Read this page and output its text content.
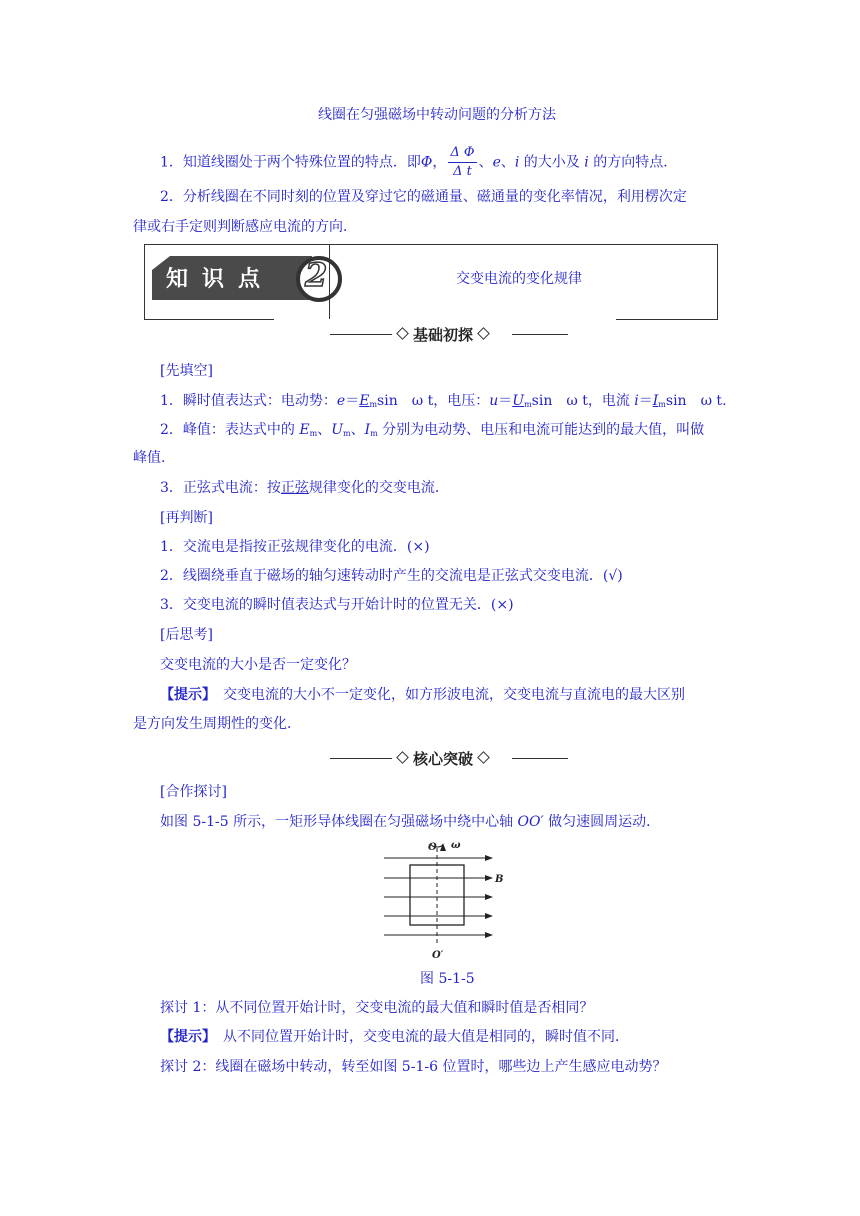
线圈在匀强磁场中转动问题的分析方法
1．知道线圈处于两个特殊位置的特点．即Φ， $\frac{\text{Δ Φ}}{\text{Δ t}}$ 、e、i 的大小及 i 的方向特点．
2．分析线圈在不同时刻的位置及穿过它的磁通量、磁通量的变化率情况，利用楞次定
律或右手定则判断感应电流的方向．
知识点 2	交变电流的变化规律
基础初探
[先填空]
1．瞬时值表达式：电动势：$e=E_m\sin$　ω t，电压：$u=U_m\sin$　ω t，电流 $i=I_m\sin$　ω t.
2．峰值：表达式中的 $E_m$、$U_m$、$I_m$ 分别为电动势、电压和电流可能达到的最大值，叫做
峰值．
3．正弦式电流：按正弦规律变化的交变电流．
[再判断]
1．交流电是指按正弦规律变化的电流．(×)
2．线圈绕垂直于磁场的轴匀速转动时产生的交流电是正弦式交变电流．(√)
3．交变电流的瞬时值表达式与开始计时的位置无关．(×)
[后思考]
交变电流的大小是否一定变化？
【提示】　交变电流的大小不一定变化，如方形波电流，交变电流与直流电的最大区别
是方向发生周期性的变化．
核心突破
[合作探讨]
如图 5-1-5 所示，一矩形导体线圈在匀强磁场中绕中心轴 OO′ 做匀速圆周运动．
O ω
B
O′
图 5-1-5
探讨 1：从不同位置开始计时，交变电流的最大值和瞬时值是否相同？
【提示】　从不同位置开始计时，交变电流的最大值是相同的，瞬时值不同．
探讨 2：线圈在磁场中转动，转至如图 5-1-6 位置时，哪些边上产生感应电动势？
